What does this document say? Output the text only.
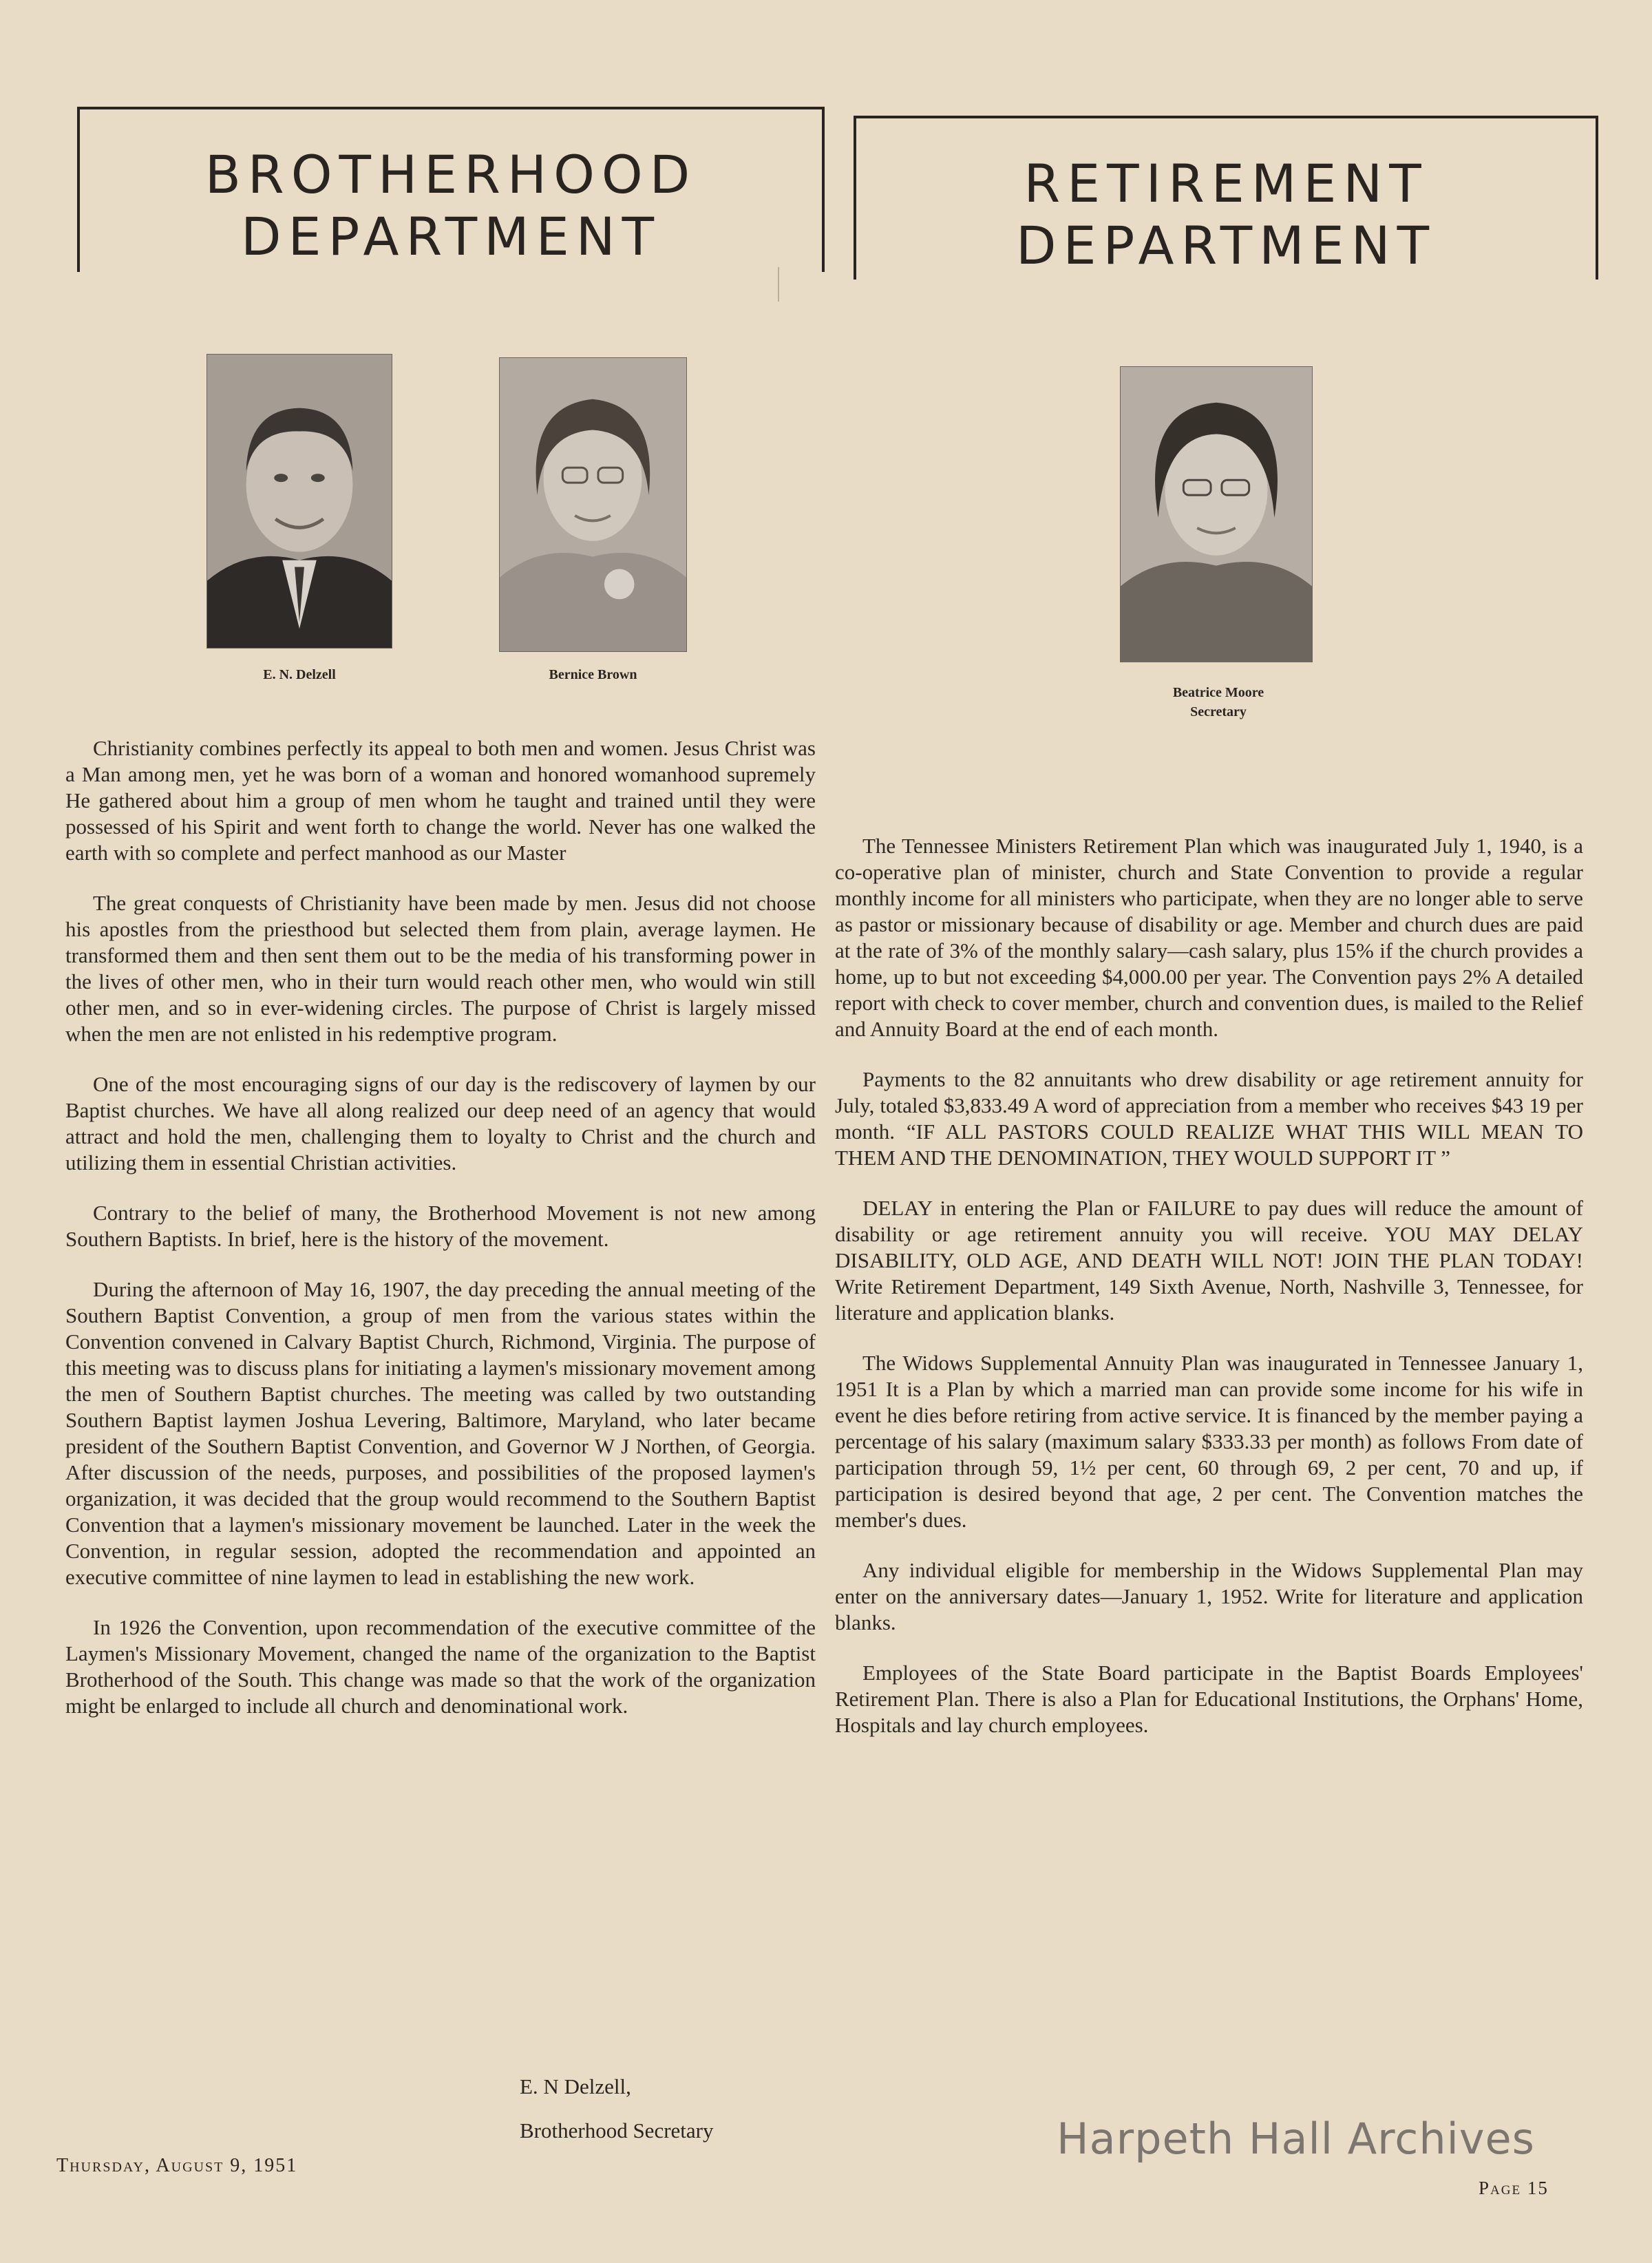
BROTHERHOOD
DEPARTMENT
RETIREMENT
DEPARTMENT
E. N. Delzell	Bernice Brown
Beatrice Moore
Secretary

Christianity combines perfectly its appeal to both men and women. Jesus Christ was a Man among men, yet he was born of a woman and honored womanhood supremely He gathered about him a group of men whom he taught and trained until they were possessed of his Spirit and went forth to change the world. Never has one walked the earth with so complete and perfect manhood as our Master

The great conquests of Christianity have been made by men. Jesus did not choose his apostles from the priesthood but selected them from plain, average laymen. He transformed them and then sent them out to be the media of his transforming power in the lives of other men, who in their turn would reach other men, who would win still other men, and so in ever-widening circles. The purpose of Christ is largely missed when the men are not enlisted in his redemptive program.

One of the most encouraging signs of our day is the rediscovery of laymen by our Baptist churches. We have all along realized our deep need of an agency that would attract and hold the men, challenging them to loyalty to Christ and the church and utilizing them in essential Christian activities.

Contrary to the belief of many, the Brotherhood Movement is not new among Southern Baptists. In brief, here is the history of the movement.

During the afternoon of May 16, 1907, the day preceding the annual meeting of the Southern Baptist Convention, a group of men from the various states within the Convention convened in Calvary Baptist Church, Richmond, Virginia. The purpose of this meeting was to discuss plans for initiating a laymen's missionary movement among the men of Southern Baptist churches. The meeting was called by two outstanding Southern Baptist laymen Joshua Levering, Baltimore, Maryland, who later became president of the Southern Baptist Convention, and Governor W J Northen, of Georgia. After discussion of the needs, purposes, and possibilities of the proposed laymen's organization, it was decided that the group would recommend to the Southern Baptist Convention that a laymen's missionary movement be launched. Later in the week the Convention, in regular session, adopted the recommendation and appointed an executive committee of nine laymen to lead in establishing the new work.

In 1926 the Convention, upon recommendation of the executive committee of the Laymen's Missionary Movement, changed the name of the organization to the Baptist Brotherhood of the South. This change was made so that the work of the organization might be enlarged to include all church and denominational work.

E. N Delzell,
Brotherhood Secretary

The Tennessee Ministers Retirement Plan which was inaugurated July 1, 1940, is a co-operative plan of minister, church and State Convention to provide a regular monthly income for all ministers who participate, when they are no longer able to serve as pastor or missionary because of disability or age. Member and church dues are paid at the rate of 3% of the monthly salary—cash salary, plus 15% if the church provides a home, up to but not exceeding $4,000.00 per year. The Convention pays 2% A detailed report with check to cover member, church and convention dues, is mailed to the Relief and Annuity Board at the end of each month.

Payments to the 82 annuitants who drew disability or age retirement annuity for July, totaled $3,833.49 A word of appreciation from a member who receives $43 19 per month. “IF ALL PASTORS COULD REALIZE WHAT THIS WILL MEAN TO THEM AND THE DENOMINATION, THEY WOULD SUPPORT IT ”

DELAY in entering the Plan or FAILURE to pay dues will reduce the amount of disability or age retirement annuity you will receive. YOU MAY DELAY DISABILITY, OLD AGE, AND DEATH WILL NOT! JOIN THE PLAN TODAY! Write Retirement Department, 149 Sixth Avenue, North, Nashville 3, Tennessee, for literature and application blanks.

The Widows Supplemental Annuity Plan was inaugurated in Tennessee January 1, 1951 It is a Plan by which a married man can provide some income for his wife in event he dies before retiring from active service. It is financed by the member paying a percentage of his salary (maximum salary $333.33 per month) as follows From date of participation through 59, 1½ per cent, 60 through 69, 2 per cent, 70 and up, if participation is desired beyond that age, 2 per cent. The Convention matches the member's dues.

Any individual eligible for membership in the Widows Supplemental Plan may enter on the anniversary dates—January 1, 1952. Write for literature and application blanks.

Employees of the State Board participate in the Baptist Boards Employees' Retirement Plan. There is also a Plan for Educational Institutions, the Orphans' Home, Hospitals and lay church employees.

Thursday, August 9, 1951
Page 15
Harpeth Hall Archives
